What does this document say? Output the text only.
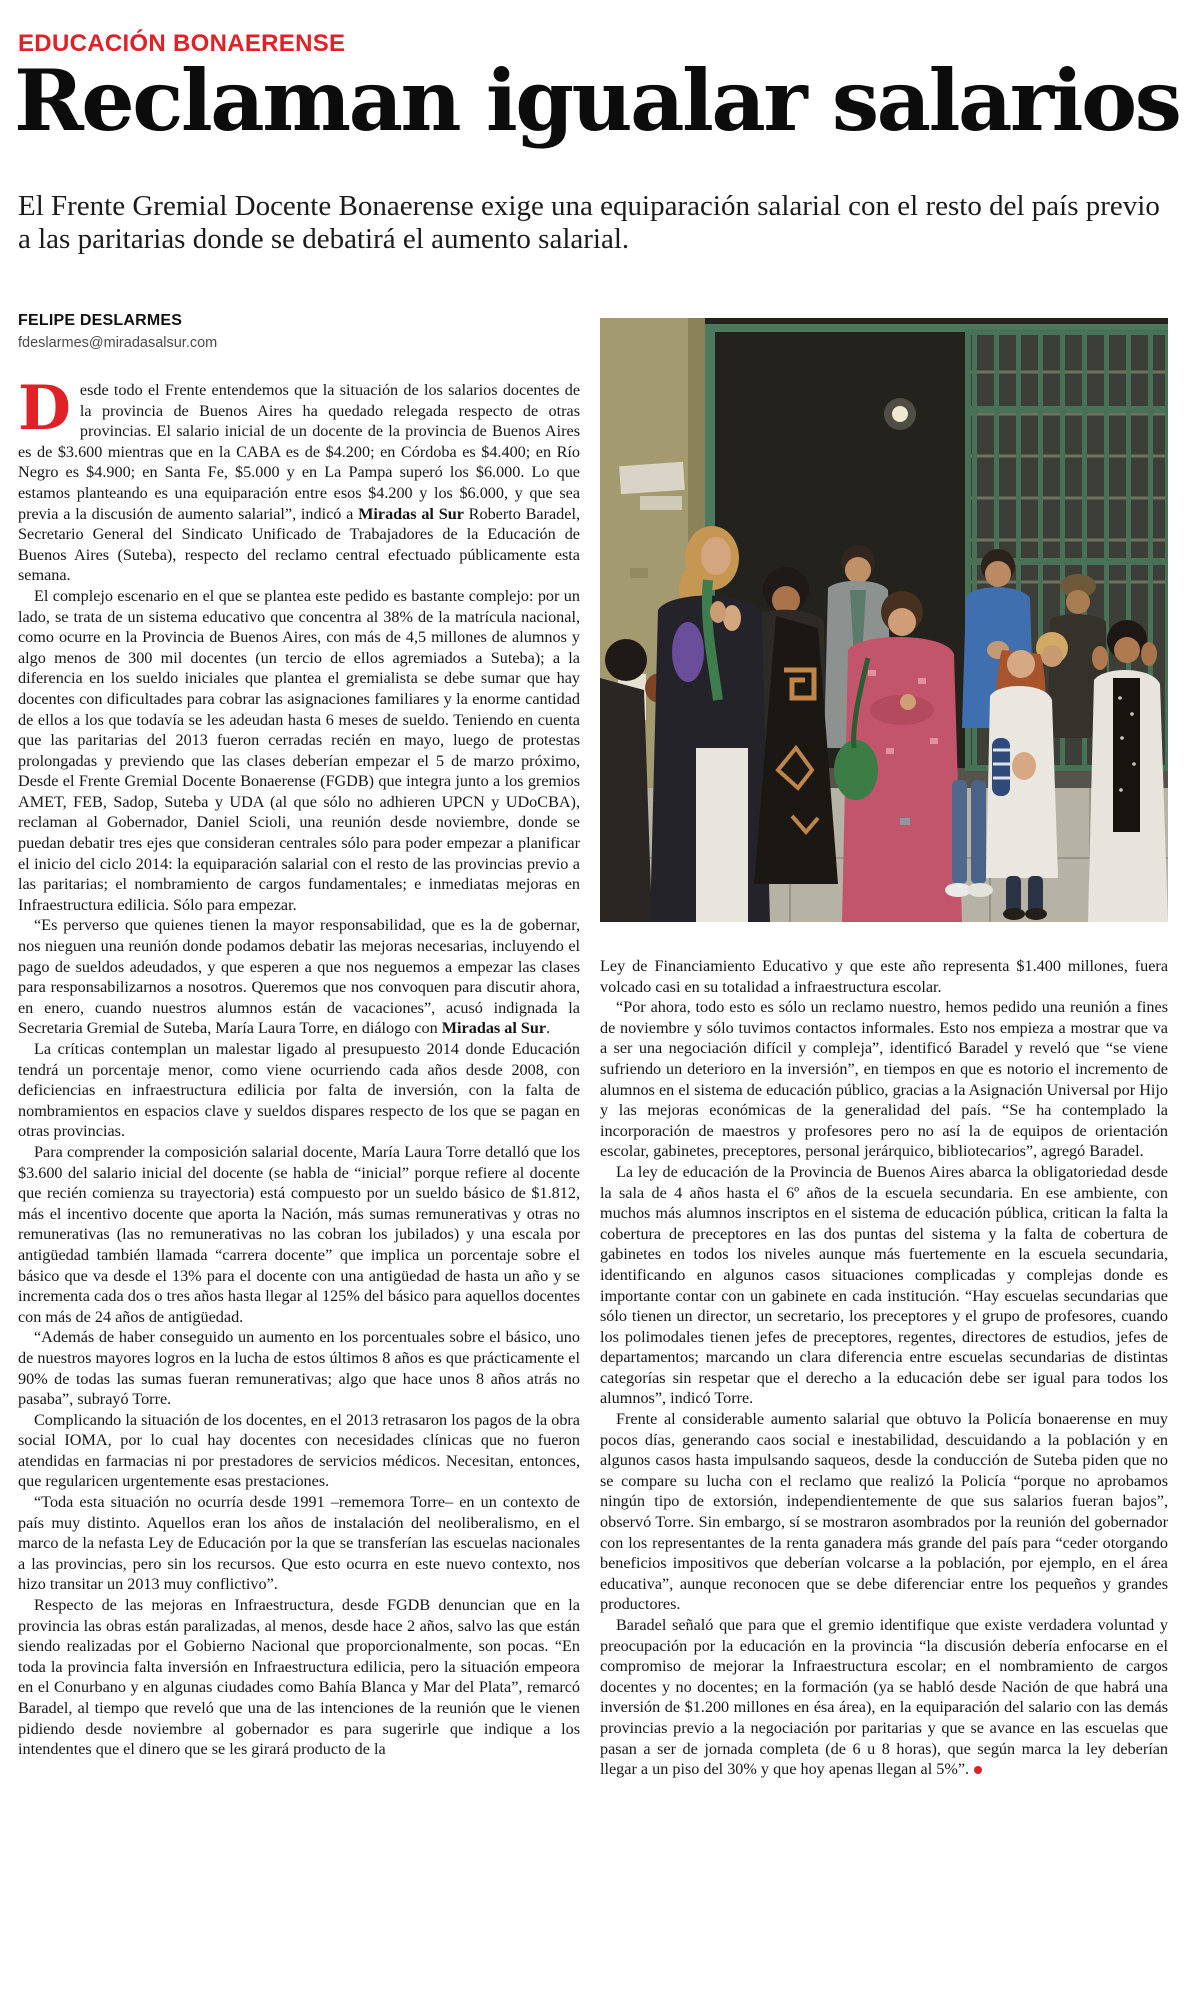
EDUCACIÓN BONAERENSE
Reclaman igualar salarios
El Frente Gremial Docente Bonaerense exige una equiparación salarial con el resto del país previo a las paritarias donde se debatirá el aumento salarial.
FELIPE DESLARMES
fdeslarmes@miradasalsur.com

Desde todo el Frente entendemos que la situación de los salarios docentes de la provincia de Buenos Aires ha quedado relegada respecto de otras provincias. El salario inicial de un docente de la provincia de Buenos Aires es de $3.600 mientras que en la CABA es de $4.200; en Córdoba es $4.400; en Río Negro es $4.900; en Santa Fe, $5.000 y en La Pampa superó los $6.000. Lo que estamos planteando es una equiparación entre esos $4.200 y los $6.000, y que sea previa a la discusión de aumento salarial”, indicó a Miradas al Sur Roberto Baradel, Secretario General del Sindicato Unificado de Trabajadores de la Educación de Buenos Aires (Suteba), respecto del reclamo central efectuado públicamente esta semana.

El complejo escenario en el que se plantea este pedido es bastante complejo: por un lado, se trata de un sistema educativo que concentra al 38% de la matrícula nacional, como ocurre en la Provincia de Buenos Aires, con más de 4,5 millones de alumnos y algo menos de 300 mil docentes (un tercio de ellos agremiados a Suteba); a la diferencia en los sueldo iniciales que plantea el gremialista se debe sumar que hay docentes con dificultades para cobrar las asignaciones familiares y la enorme cantidad de ellos a los que todavía se les adeudan hasta 6 meses de sueldo. Teniendo en cuenta que las paritarias del 2013 fueron cerradas recién en mayo, luego de protestas prolongadas y previendo que las clases deberían empezar el 5 de marzo próximo, Desde el Frente Gremial Docente Bonaerense (FGDB) que integra junto a los gremios AMET, FEB, Sadop, Suteba y UDA (al que sólo no adhieren UPCN y UDoCBA), reclaman al Gobernador, Daniel Scioli, una reunión desde noviembre, donde se puedan debatir tres ejes que consideran centrales sólo para poder empezar a planificar el inicio del ciclo 2014: la equiparación salarial con el resto de las provincias previo a las paritarias; el nombramiento de cargos fundamentales; e inmediatas mejoras en Infraestructura edilicia. Sólo para empezar.

“Es perverso que quienes tienen la mayor responsabilidad, que es la de gobernar, nos nieguen una reunión donde podamos debatir las mejoras necesarias, incluyendo el pago de sueldos adeudados, y que esperen a que nos neguemos a empezar las clases para responsabilizarnos a nosotros. Queremos que nos convoquen para discutir ahora, en enero, cuando nuestros alumnos están de vacaciones”, acusó indignada la Secretaria Gremial de Suteba, María Laura Torre, en diálogo con Miradas al Sur.

La críticas contemplan un malestar ligado al presupuesto 2014 donde Educación tendrá un porcentaje menor, como viene ocurriendo cada años desde 2008, con deficiencias en infraestructura edilicia por falta de inversión, con la falta de nombramientos en espacios clave y sueldos dispares respecto de los que se pagan en otras provincias.

Para comprender la composición salarial docente, María Laura Torre detalló que los $3.600 del salario inicial del docente (se habla de “inicial” porque refiere al docente que recién comienza su trayectoria) está compuesto por un sueldo básico de $1.812, más el incentivo docente que aporta la Nación, más sumas remunerativas y otras no remunerativas (las no remunerativas no las cobran los jubilados) y una escala por antigüedad también llamada “carrera docente” que implica un porcentaje sobre el básico que va desde el 13% para el docente con una antigüedad de hasta un año y se incrementa cada dos o tres años hasta llegar al 125% del básico para aquellos docentes con más de 24 años de antigüedad.

“Además de haber conseguido un aumento en los porcentuales sobre el básico, uno de nuestros mayores logros en la lucha de estos últimos 8 años es que prácticamente el 90% de todas las sumas fueran remunerativas; algo que hace unos 8 años atrás no pasaba”, subrayó Torre.

Complicando la situación de los docentes, en el 2013 retrasaron los pagos de la obra social IOMA, por lo cual hay docentes con necesidades clínicas que no fueron atendidas en farmacias ni por prestadores de servicios médicos. Necesitan, entonces, que regularicen urgentemente esas prestaciones.

“Toda esta situación no ocurría desde 1991 –rememora Torre– en un contexto de país muy distinto. Aquellos eran los años de instalación del neoliberalismo, en el marco de la nefasta Ley de Educación por la que se transferían las escuelas nacionales a las provincias, pero sin los recursos. Que esto ocurra en este nuevo contexto, nos hizo transitar un 2013 muy conflictivo”.

Respecto de las mejoras en Infraestructura, desde FGDB denuncian que en la provincia las obras están paralizadas, al menos, desde hace 2 años, salvo las que están siendo realizadas por el Gobierno Nacional que proporcionalmente, son pocas. “En toda la provincia falta inversión en Infraestructura edilicia, pero la situación empeora en el Conurbano y en algunas ciudades como Bahía Blanca y Mar del Plata”, remarcó Baradel, al tiempo que reveló que una de las intenciones de la reunión que le vienen pidiendo desde noviembre al gobernador es para sugerirle que indique a los intendentes que el dinero que se les girará producto de la

Ley de Financiamiento Educativo y que este año representa $1.400 millones, fuera volcado casi en su totalidad a infraestructura escolar.

“Por ahora, todo esto es sólo un reclamo nuestro, hemos pedido una reunión a fines de noviembre y sólo tuvimos contactos informales. Esto nos empieza a mostrar que va a ser una negociación difícil y compleja”, identificó Baradel y reveló que “se viene sufriendo un deterioro en la inversión”, en tiempos en que es notorio el incremento de alumnos en el sistema de educación público, gracias a la Asignación Universal por Hijo y las mejoras económicas de la generalidad del país. “Se ha contemplado la incorporación de maestros y profesores pero no así la de equipos de orientación escolar, gabinetes, preceptores, personal jerárquico, bibliotecarios”, agregó Baradel.

La ley de educación de la Provincia de Buenos Aires abarca la obligatoriedad desde la sala de 4 años hasta el 6º años de la escuela secundaria. En ese ambiente, con muchos más alumnos inscriptos en el sistema de educación pública, critican la falta la cobertura de preceptores en las dos puntas del sistema y la falta de cobertura de gabinetes en todos los niveles aunque más fuertemente en la escuela secundaria, identificando en algunos casos situaciones complicadas y complejas donde es importante contar con un gabinete en cada institución. “Hay escuelas secundarias que sólo tienen un director, un secretario, los preceptores y el grupo de profesores, cuando los polimodales tienen jefes de preceptores, regentes, directores de estudios, jefes de departamentos; marcando un clara diferencia entre escuelas secundarias de distintas categorías sin respetar que el derecho a la educación debe ser igual para todos los alumnos”, indicó Torre.

Frente al considerable aumento salarial que obtuvo la Policía bonaerense en muy pocos días, generando caos social e inestabilidad, descuidando a la población y en algunos casos hasta impulsando saqueos, desde la conducción de Suteba piden que no se compare su lucha con el reclamo que realizó la Policía “porque no aprobamos ningún tipo de extorsión, independientemente de que sus salarios fueran bajos”, observó Torre. Sin embargo, sí se mostraron asombrados por la reunión del gobernador con los representantes de la renta ganadera más grande del país para “ceder otorgando beneficios impositivos que deberían volcarse a la población, por ejemplo, en el área educativa”, aunque reconocen que se debe diferenciar entre los pequeños y grandes productores.

Baradel señaló que para que el gremio identifique que existe verdadera voluntad y preocupación por la educación en la provincia “la discusión debería enfocarse en el compromiso de mejorar la Infraestructura escolar; en el nombramiento de cargos docentes y no docentes; en la formación (ya se habló desde Nación de que habrá una inversión de $1.200 millones en ésa área), en la equiparación del salario con las demás provincias previo a la negociación por paritarias y que se avance en las escuelas que pasan a ser de jornada completa (de 6 u 8 horas), que según marca la ley deberían llegar a un piso del 30% y que hoy apenas llegan al 5%”.
